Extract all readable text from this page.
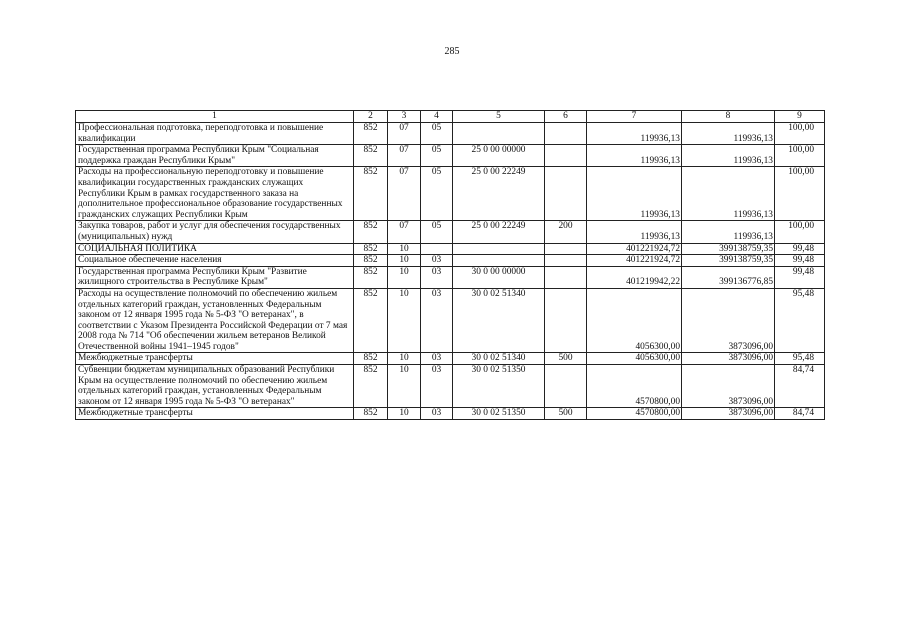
285
1	2	3	4	5	6	7	8	9
Профессиональная подготовка, переподготовка и повышение квалификации	852	07	05			119936,13	119936,13	100,00
Государственная программа Республики Крым "Социальная поддержка граждан Республики Крым"	852	07	05	25 0 00 00000		119936,13	119936,13	100,00
Расходы на профессиональную переподготовку и повышение квалификации государственных гражданских служащих Республики Крым в рамках государственного заказа на дополнительное профессиональное образование государственных гражданских служащих Республики Крым	852	07	05	25 0 00 22249		119936,13	119936,13	100,00
Закупка товаров, работ и услуг для обеспечения государственных (муниципальных) нужд	852	07	05	25 0 00 22249	200	119936,13	119936,13	100,00
СОЦИАЛЬНАЯ ПОЛИТИКА	852	10				401221924,72	399138759,35	99,48
Социальное обеспечение населения	852	10	03			401221924,72	399138759,35	99,48
Государственная программа Республики Крым "Развитие жилищного строительства в Республике Крым"	852	10	03	30 0 00 00000		401219942,22	399136776,85	99,48
Расходы на осуществление полномочий по обеспечению жильем отдельных категорий граждан, установленных Федеральным законом от 12 января 1995 года № 5-ФЗ "О ветеранах", в соответствии с Указом Президента Российской Федерации от 7 мая 2008 года № 714 "Об обеспечении жильем ветеранов Великой Отечественной войны 1941–1945 годов"	852	10	03	30 0 02 51340		4056300,00	3873096,00	95,48
Межбюджетные трансферты	852	10	03	30 0 02 51340	500	4056300,00	3873096,00	95,48
Субвенции бюджетам муниципальных образований Республики Крым на осуществление полномочий по обеспечению жильем отдельных категорий граждан, установленных Федеральным законом от 12 января 1995 года № 5-ФЗ "О ветеранах"	852	10	03	30 0 02 51350		4570800,00	3873096,00	84,74
Межбюджетные трансферты	852	10	03	30 0 02 51350	500	4570800,00	3873096,00	84,74
